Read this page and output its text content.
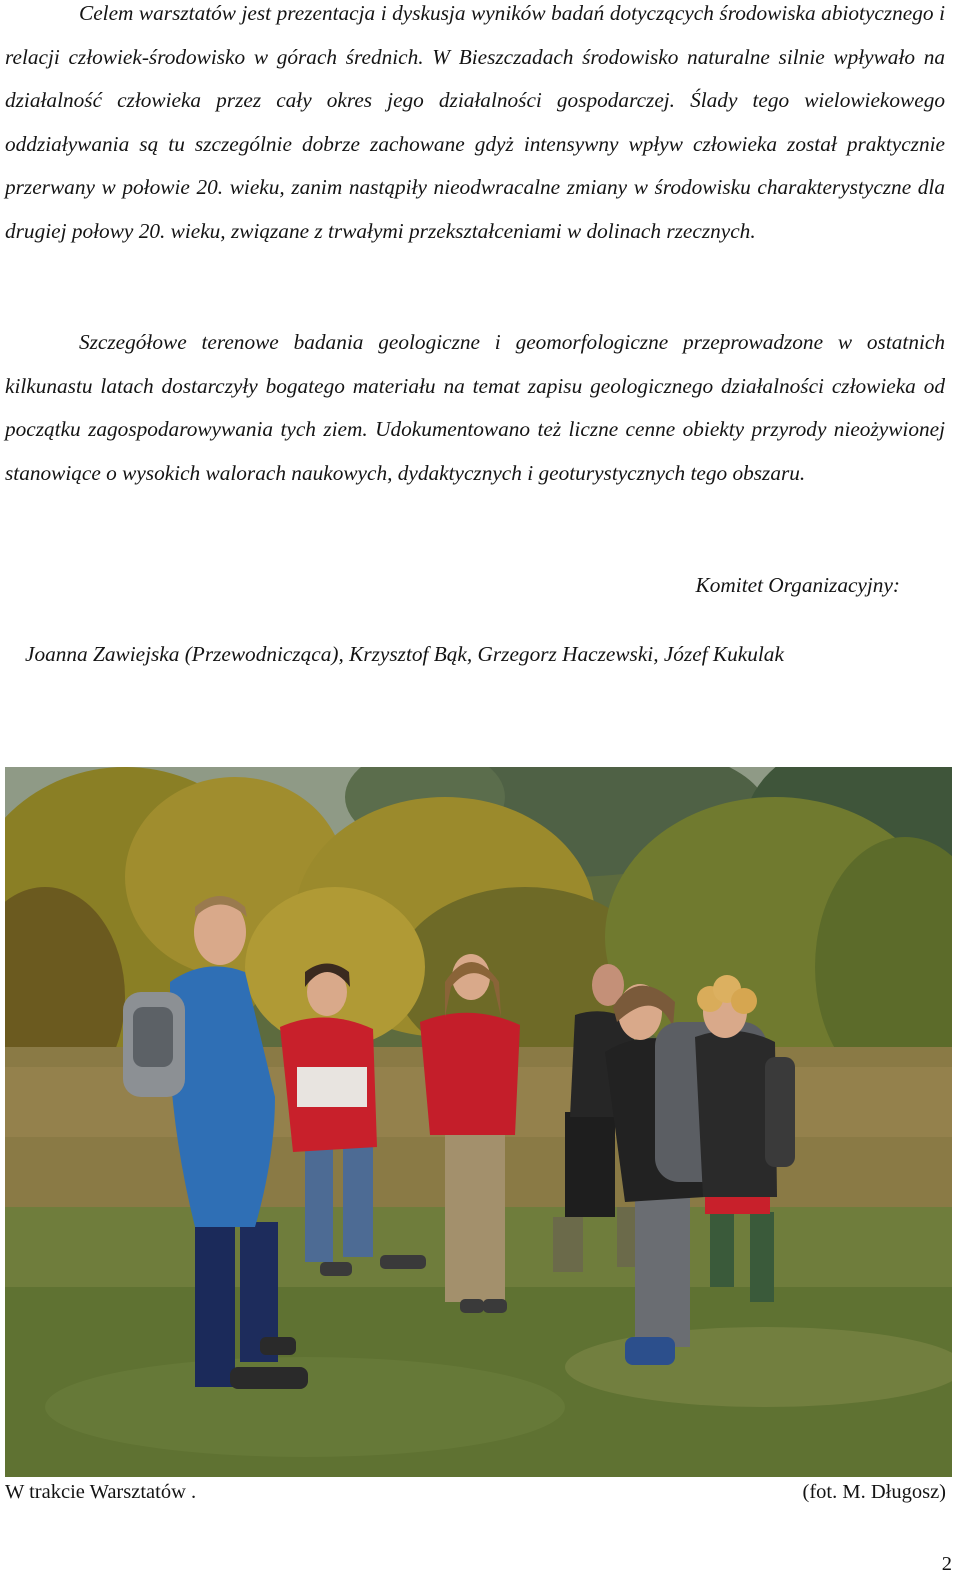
Celem warsztatów jest prezentacja i dyskusja wyników badań dotyczących środowiska abiotycznego i relacji człowiek-środowisko w górach średnich. W Bieszczadach środowisko naturalne silnie wpływało na działalność człowieka przez cały okres jego działalności gospodarczej. Ślady tego wielowiekowego oddziaływania są tu szczególnie dobrze zachowane gdyż intensywny wpływ człowieka został praktycznie przerwany w połowie 20. wieku, zanim nastąpiły nieodwracalne zmiany w środowisku charakterystyczne dla drugiej połowy 20. wieku, związane z trwałymi przekształceniami w dolinach rzecznych.

Szczegółowe terenowe badania geologiczne i geomorfologiczne przeprowadzone w ostatnich kilkunastu latach dostarczyły bogatego materiału na temat zapisu geologicznego działalności człowieka od początku zagospodarowywania tych ziem. Udokumentowano też liczne cenne obiekty przyrody nieożywionej stanowiące o wysokich walorach naukowych, dydaktycznych i geoturystycznych tego obszaru.

Komitet Organizacyjny:

Joanna Zawiejska (Przewodnicząca), Krzysztof Bąk, Grzegorz Haczewski, Józef Kukulak

W trakcie Warsztatów .	(fot. M. Długosz)

2
